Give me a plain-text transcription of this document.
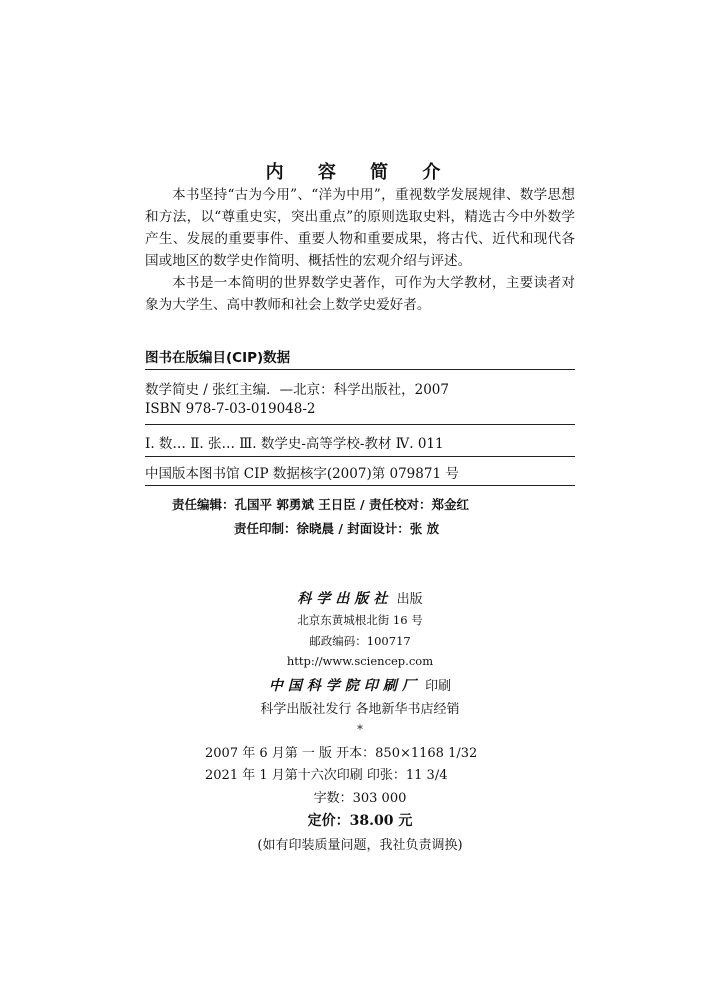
内 容 简 介
本书坚持“古为今用”、“洋为中用”，重视数学发展规律、数学思想和方法，以“尊重史实，突出重点”的原则选取史料，精选古今中外数学产生、发展的重要事件、重要人物和重要成果，将古代、近代和现代各国或地区的数学史作简明、概括性的宏观介绍与评述。
本书是一本简明的世界数学史著作，可作为大学教材，主要读者对象为大学生、高中教师和社会上数学史爱好者。
图书在版编目(CIP)数据
数学简史 / 张红主编．—北京：科学出版社，2007
ISBN 978-7-03-019048-2
Ⅰ. 数… Ⅱ. 张… Ⅲ. 数学史-高等学校-教材 Ⅳ. 011
中国版本图书馆 CIP 数据核字(2007)第 079871 号
责任编辑：孔国平 郭勇斌 王日臣 / 责任校对：郑金红
责任印制：徐晓晨 / 封面设计：张 放
科学出版社 出版
北京东黄城根北街 16 号
邮政编码：100717
http://www.sciencep.com
中国科学院印刷厂 印刷
科学出版社发行 各地新华书店经销
*
2007 年 6 月第 一 版 开本：850×1168 1/32
2021 年 1 月第十六次印刷 印张：11 3/4
字数：303 000
定价：38.00 元
(如有印装质量问题，我社负责调换)
